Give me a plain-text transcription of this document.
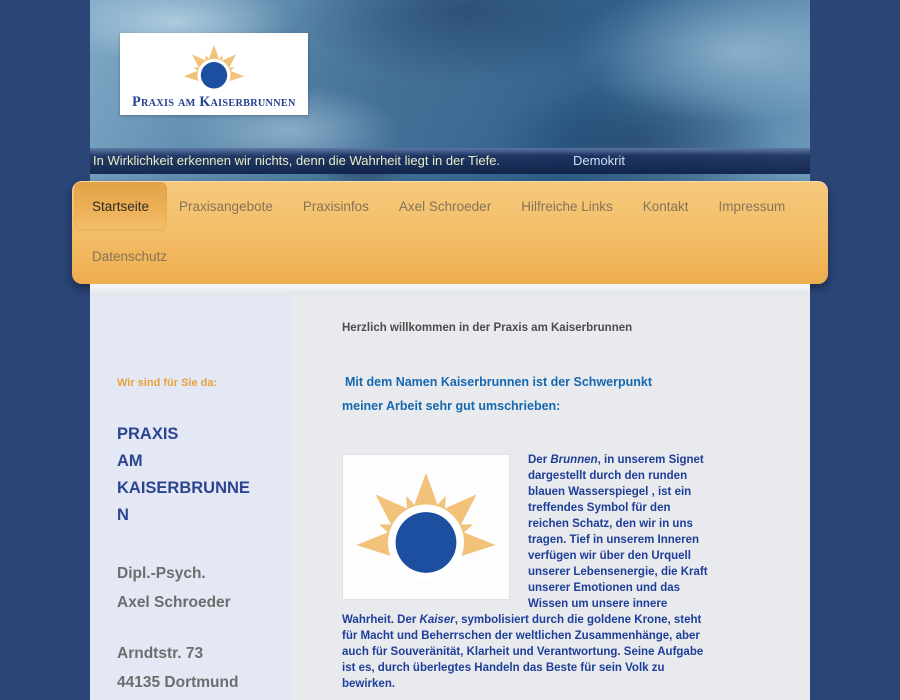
Praxis am Kaiserbrunnen
In Wirklichkeit erkennen wir nichts, denn die Wahrheit liegt in der Tiefe.	Demokrit
Startseite	Praxisangebote Praxisinfos Axel Schroeder Hilfreiche Links Kontakt Impressum
Datenschutz
Wir sind für Sie da:
PRAXIS
AM
KAISERBRUNNE
N
Dipl.-Psych.
Axel Schroeder
Arndtstr. 73
44135 Dortmund

Herzlich willkommen in der Praxis am Kaiserbrunnen

Mit dem Namen Kaiserbrunnen ist der Schwerpunkt meiner Arbeit sehr gut umschrieben:

Der Brunnen, in unserem Signet dargestellt durch den runden blauen Wasserspiegel , ist ein treffendes Symbol für den reichen Schatz, den wir in uns tragen. Tief in unserem Inneren verfügen wir über den Urquell unserer Lebensenergie, die Kraft unserer Emotionen und das Wissen um unsere innere Wahrheit. Der Kaiser, symbolisiert durch die goldene Krone, steht für Macht und Beherrschen der weltlichen Zusammenhänge, aber auch für Souveränität, Klarheit und Verantwortung. Seine Aufgabe ist es, durch überlegtes Handeln das Beste für sein Volk zu bewirken.
